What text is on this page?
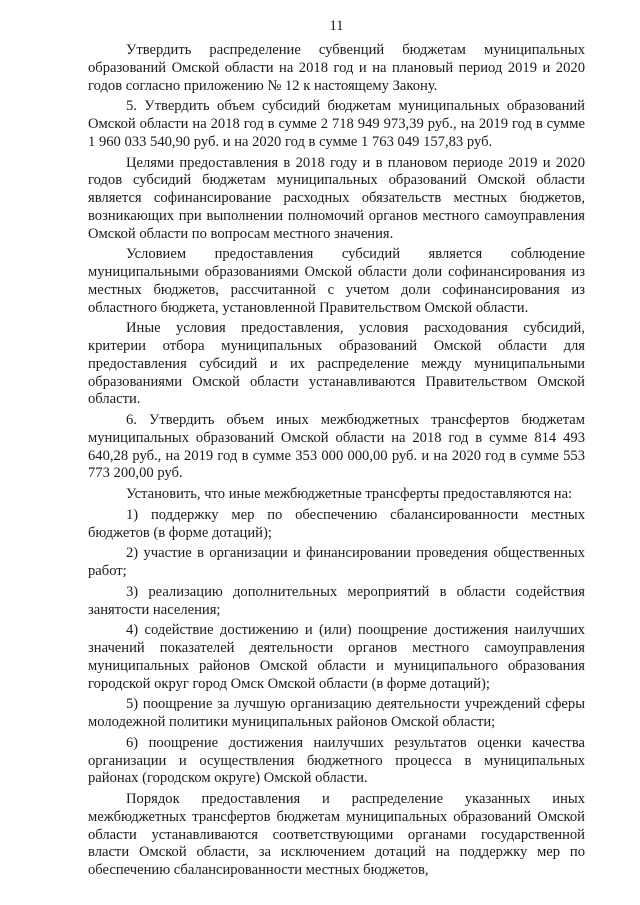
11

Утвердить распределение субвенций бюджетам муниципальных образований Омской области на 2018 год и на плановый период 2019 и 2020 годов согласно приложению № 12 к настоящему Закону.

5. Утвердить объем субсидий бюджетам муниципальных образований Омской области на 2018 год в сумме 2 718 949 973,39 руб., на 2019 год в сумме 1 960 033 540,90 руб. и на 2020 год в сумме 1 763 049 157,83 руб.

Целями предоставления в 2018 году и в плановом периоде 2019 и 2020 годов субсидий бюджетам муниципальных образований Омской области является софинансирование расходных обязательств местных бюджетов, возникающих при выполнении полномочий органов местного самоуправления Омской области по вопросам местного значения.

Условием предоставления субсидий является соблюдение муниципальными образованиями Омской области доли софинансирования из местных бюджетов, рассчитанной с учетом доли софинансирования из областного бюджета, установленной Правительством Омской области.

Иные условия предоставления, условия расходования субсидий, критерии отбора муниципальных образований Омской области для предоставления субсидий и их распределение между муниципальными образованиями Омской области устанавливаются Правительством Омской области.

6. Утвердить объем иных межбюджетных трансфертов бюджетам муниципальных образований Омской области на 2018 год в сумме 814 493 640,28 руб., на 2019 год в сумме 353 000 000,00 руб. и на 2020 год в сумме 553 773 200,00 руб.

Установить, что иные межбюджетные трансферты предоставляются на:

1) поддержку мер по обеспечению сбалансированности местных бюджетов (в форме дотаций);

2) участие в организации и финансировании проведения общественных работ;

3) реализацию дополнительных мероприятий в области содействия занятости населения;

4) содействие достижению и (или) поощрение достижения наилучших значений показателей деятельности органов местного самоуправления муниципальных районов Омской области и муниципального образования городской округ город Омск Омской области (в форме дотаций);

5) поощрение за лучшую организацию деятельности учреждений сферы молодежной политики муниципальных районов Омской области;

6) поощрение достижения наилучших результатов оценки качества организации и осуществления бюджетного процесса в муниципальных районах (городском округе) Омской области.

Порядок предоставления и распределение указанных иных межбюджетных трансфертов бюджетам муниципальных образований Омской области устанавливаются соответствующими органами государственной власти Омской области, за исключением дотаций на поддержку мер по обеспечению сбалансированности местных бюджетов,
